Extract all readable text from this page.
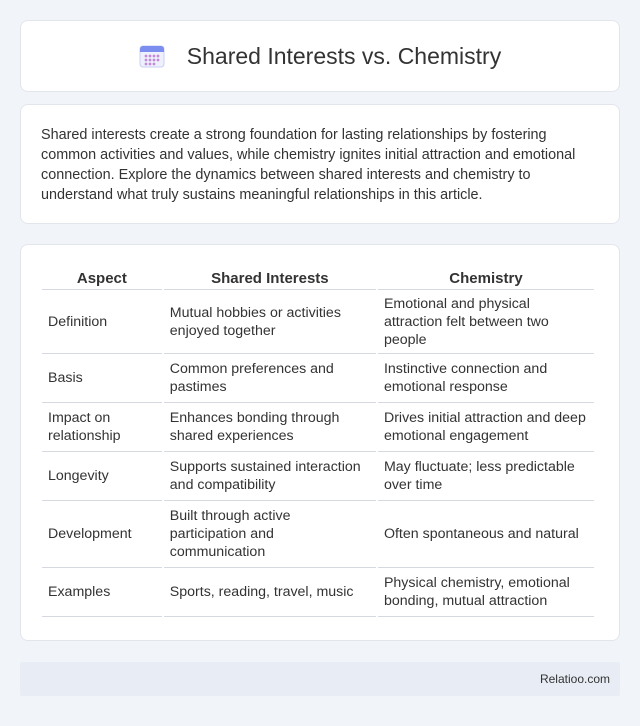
Shared Interests vs. Chemistry

Shared interests create a strong foundation for lasting relationships by fostering common activities and values, while chemistry ignites initial attraction and emotional connection. Explore the dynamics between shared interests and chemistry to understand what truly sustains meaningful relationships in this article.

Aspect	Shared Interests	Chemistry
Definition	Mutual hobbies or activities enjoyed together	Emotional and physical attraction felt between two people
Basis	Common preferences and pastimes	Instinctive connection and emotional response
Impact on relationship	Enhances bonding through shared experiences	Drives initial attraction and deep emotional engagement
Longevity	Supports sustained interaction and compatibility	May fluctuate; less predictable over time
Development	Built through active participation and communication	Often spontaneous and natural
Examples	Sports, reading, travel, music	Physical chemistry, emotional bonding, mutual attraction
Relatioo.com
